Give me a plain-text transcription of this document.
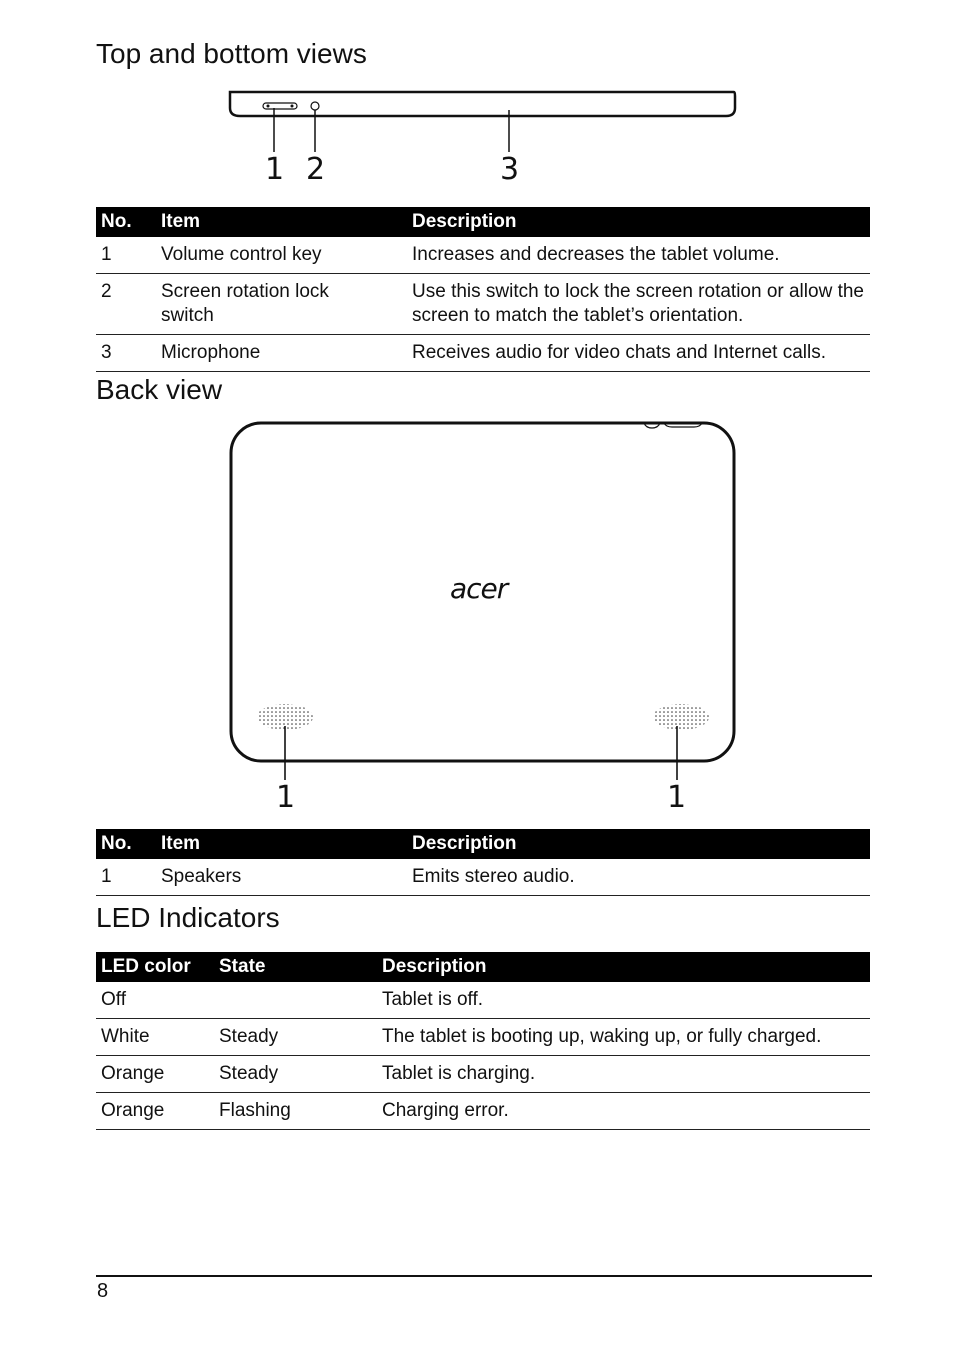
Top and bottom views
1 2	3
No.	Item	Description
1	Volume control key	Increases and decreases the tablet volume.
2	Screen rotation lock switch	Use this switch to lock the screen rotation or allow the screen to match the tablet’s orientation.
3	Microphone	Receives audio for video chats and Internet calls.
Back view
acer
1	1
No.	Item	Description
1	Speakers	Emits stereo audio.
LED Indicators
LED color	State	Description
Off		Tablet is off.
White	Steady	The tablet is booting up, waking up, or fully charged.
Orange	Steady	Tablet is charging.
Orange	Flashing	Charging error.
8
